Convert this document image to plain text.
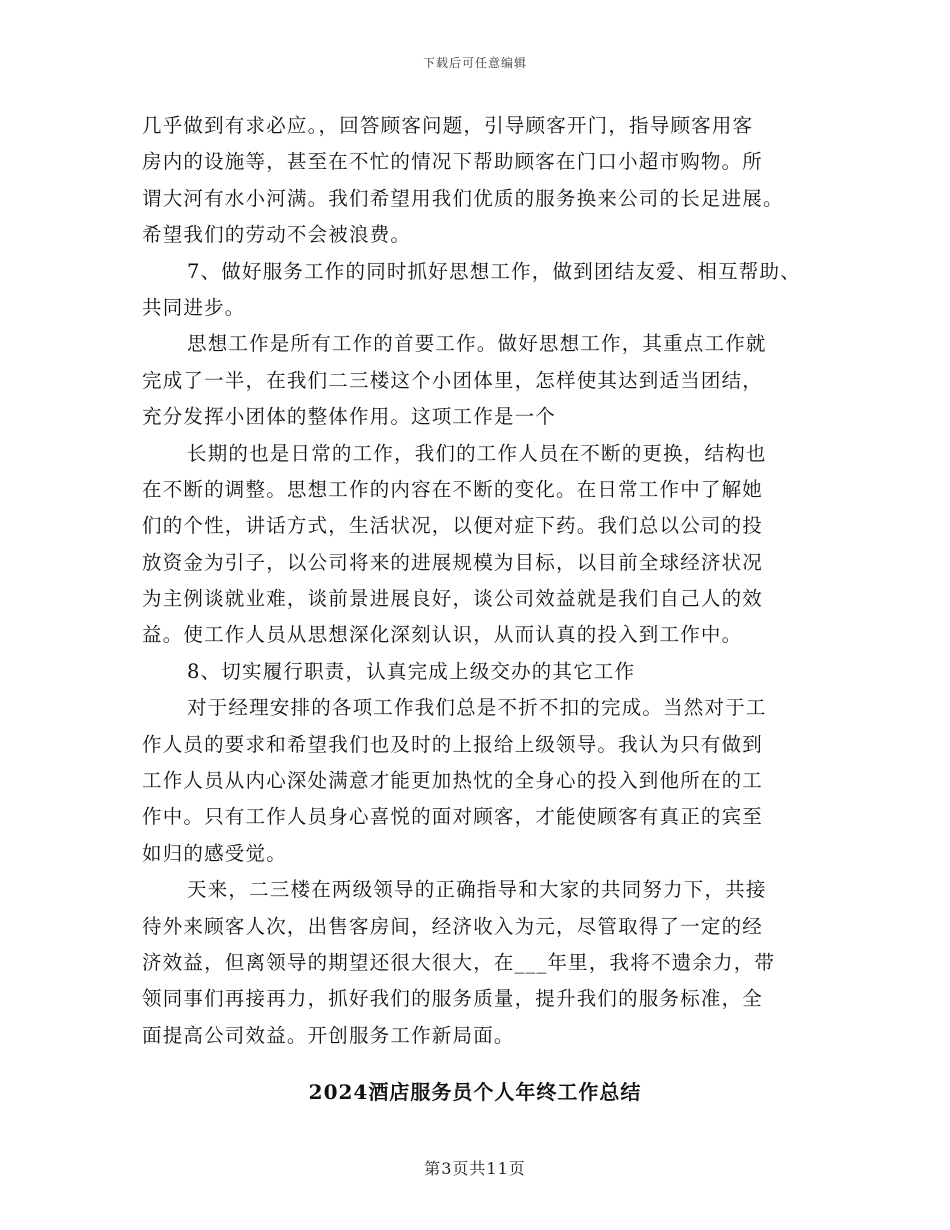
下载后可任意编辑
几乎做到有求必应。，回答顾客问题，引导顾客开门，指导顾客用客
房内的设施等，甚至在不忙的情况下帮助顾客在门口小超市购物。所
谓大河有水小河满。我们希望用我们优质的服务换来公司的长足进展。
希望我们的劳动不会被浪费。
7、做好服务工作的同时抓好思想工作，做到团结友爱、相互帮助、
共同进步。
思想工作是所有工作的首要工作。做好思想工作，其重点工作就
完成了一半，在我们二三楼这个小团体里，怎样使其达到适当团结，
充分发挥小团体的整体作用。这项工作是一个
长期的也是日常的工作，我们的工作人员在不断的更换，结构也
在不断的调整。思想工作的内容在不断的变化。在日常工作中了解她
们的个性，讲话方式，生活状况，以便对症下药。我们总以公司的投
放资金为引子，以公司将来的进展规模为目标，以目前全球经济状况
为主例谈就业难，谈前景进展良好，谈公司效益就是我们自己人的效
益。使工作人员从思想深化深刻认识，从而认真的投入到工作中。
8、切实履行职责，认真完成上级交办的其它工作
对于经理安排的各项工作我们总是不折不扣的完成。当然对于工
作人员的要求和希望我们也及时的上报给上级领导。我认为只有做到
工作人员从内心深处满意才能更加热忱的全身心的投入到他所在的工
作中。只有工作人员身心喜悦的面对顾客，才能使顾客有真正的宾至
如归的感受觉。
天来，二三楼在两级领导的正确指导和大家的共同努力下，共接
待外来顾客人次，出售客房间，经济收入为元，尽管取得了一定的经
济效益，但离领导的期望还很大很大，在___年里，我将不遗余力，带
领同事们再接再力，抓好我们的服务质量，提升我们的服务标准，全
面提高公司效益。开创服务工作新局面。
2024酒店服务员个人年终工作总结
第3页共11页
